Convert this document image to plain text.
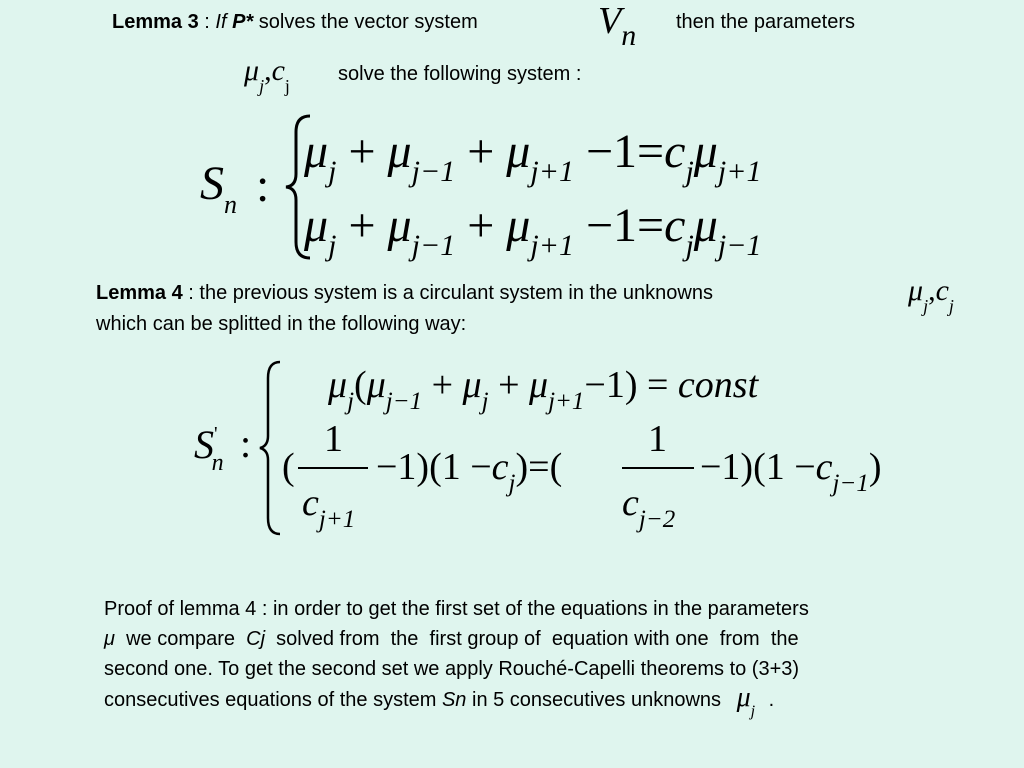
Lemma 3 : If P* solves the vector system	$V_n$ then the parameters
$\mu_j,c_j$
solve the following system :
$S_n$ :
$\mu_j + \mu_{j-1} + \mu_{j+1} -1=c_j\mu_{j+1}$
$\mu_j + \mu_{j-1} + \mu_{j+1} -1=c_j\mu_{j-1}$
Lemma 4 : the previous system is a circulant system in the unknowns	$\mu_j,c_j$
which can be splitted in the following way:
$S'_n$ :
$\mu_j(\mu_{j-1} + \mu_j + \mu_{j+1}-1)$ = const
(
1
$c_{j+1}$
$-1)(1 -c_j)=$(
1
$c_{j-2}$
$-1)(1 -c_{j-1})$
Proof of lemma 4 : in order to get the first set of the equations in the parameters
μ  we compare  Cj  solved from  the  first group of  equation with one  from  the
second one. To get the second set we apply Rouché-Capelli theorems to (3+3)
consecutives equations of the system Sn in 5 consecutives unknowns $\mu_j$ .
